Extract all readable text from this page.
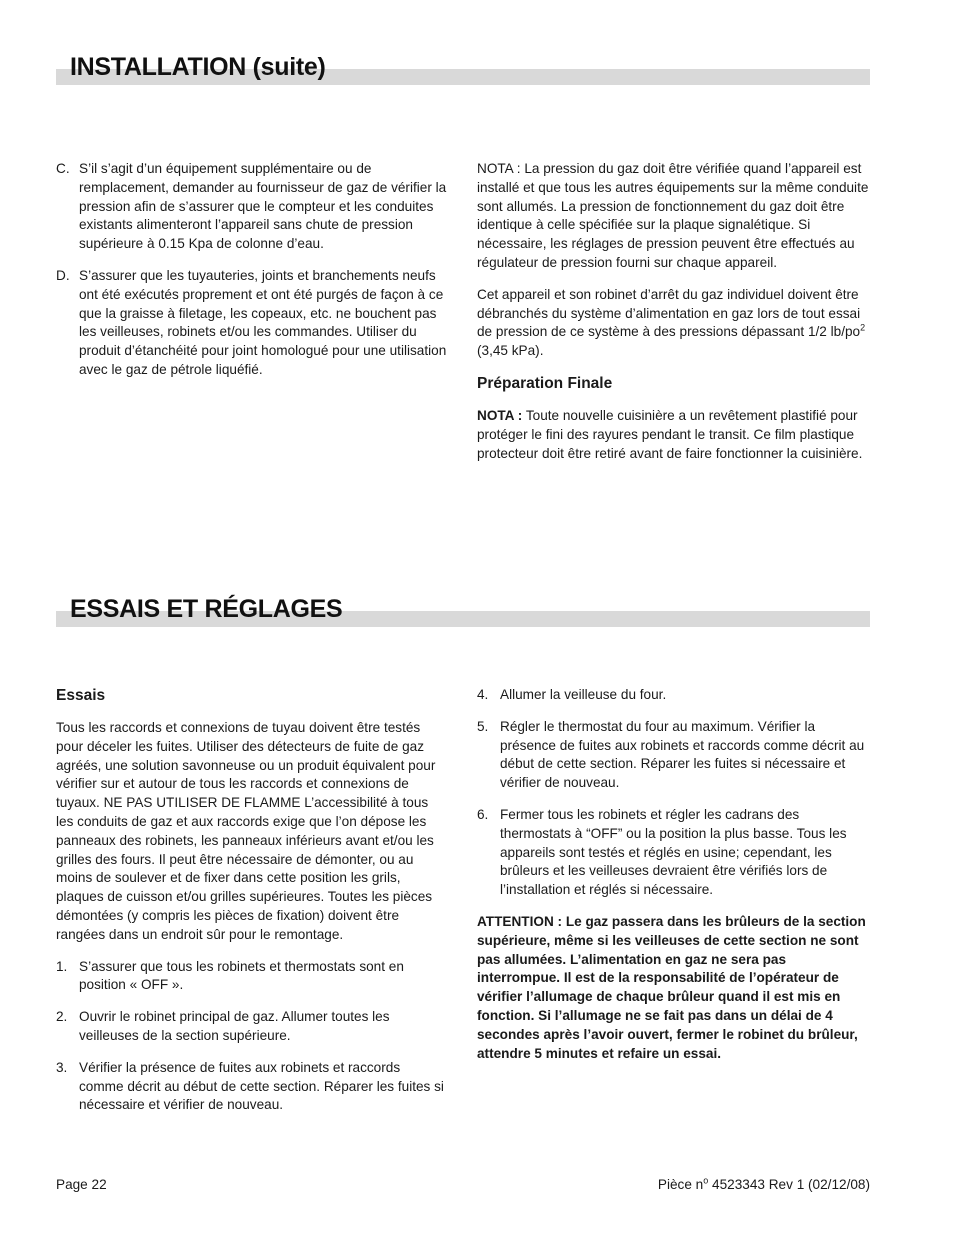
INSTALLATION (suite)
C. S’il s’agit d’un équipement supplémentaire ou de remplacement, demander au fournisseur de gaz de vérifier la pression afin de s’assurer que le compteur et les conduites existants alimenteront l’appareil sans chute de pression supérieure à 0.15 Kpa de colonne d’eau.
D. S’assurer que les tuyauteries, joints et branchements neufs ont été exécutés proprement et ont été purgés de façon à ce que la graisse à filetage, les copeaux, etc. ne bouchent pas les veilleuses, robinets et/ou les commandes. Utiliser du produit d’étanchéité pour joint homologué pour une utilisation avec le gaz de pétrole liquéfié.

NOTA : La pression du gaz doit être vérifiée quand l’appareil est installé et que tous les autres équipements sur la même conduite sont allumés. La pression de fonctionnement du gaz doit être identique à celle spécifiée sur la plaque signalétique. Si nécessaire, les réglages de pression peuvent être effectués au régulateur de pression fourni sur chaque appareil.

Cet appareil et son robinet d’arrêt du gaz individuel doivent être débranchés du système d’alimentation en gaz lors de tout essai de pression de ce système à des pressions dépassant 1/2 $lb/po^2$ (3,45 kPa).

Préparation Finale

NOTA : Toute nouvelle cuisinière a un revêtement plastifié pour protéger le fini des rayures pendant le transit. Ce film plastique protecteur doit être retiré avant de faire fonctionner la cuisinière.

ESSAIS ET RÉGLAGES
Essais

Tous les raccords et connexions de tuyau doivent être testés pour déceler les fuites. Utiliser des détecteurs de fuite de gaz agréés, une solution savonneuse ou un produit équivalent pour vérifier sur et autour de tous les raccords et connexions de tuyaux. NE PAS UTILISER DE FLAMME L’accessibilité à tous les conduits de gaz et aux raccords exige que l’on dépose les panneaux des robinets, les panneaux inférieurs avant et/ou les grilles des fours. Il peut être nécessaire de démonter, ou au moins de soulever et de fixer dans cette position les grils, plaques de cuisson et/ou grilles supérieures. Toutes les pièces démontées (y compris les pièces de fixation) doivent être rangées dans un endroit sûr pour le remontage.

1. S’assurer que tous les robinets et thermostats sont en position « OFF ».
2. Ouvrir le robinet principal de gaz. Allumer toutes les veilleuses de la section supérieure.
3. Vérifier la présence de fuites aux robinets et raccords comme décrit au début de cette section. Réparer les fuites si nécessaire et vérifier de nouveau.
4. Allumer la veilleuse du four.
5. Régler le thermostat du four au maximum. Vérifier la présence de fuites aux robinets et raccords comme décrit au début de cette section. Réparer les fuites si nécessaire et vérifier de nouveau.
6. Fermer tous les robinets et régler les cadrans des thermostats à “OFF” ou la position la plus basse. Tous les appareils sont testés et réglés en usine; cependant, les brûleurs et les veilleuses devraient être vérifiés lors de l’installation et réglés si nécessaire.

ATTENTION : Le gaz passera dans les brûleurs de la section supérieure, même si les veilleuses de cette section ne sont pas allumées. L’alimentation en gaz ne sera pas interrompue. Il est de la responsabilité de l’opérateur de vérifier l’allumage de chaque brûleur quand il est mis en fonction. Si l’allumage ne se fait pas dans un délai de 4 secondes après l’avoir ouvert, fermer le robinet du brûleur, attendre 5 minutes et refaire un essai.

Page 22	Pièce $n^o$ 4523343 Rev 1 (02/12/08)
